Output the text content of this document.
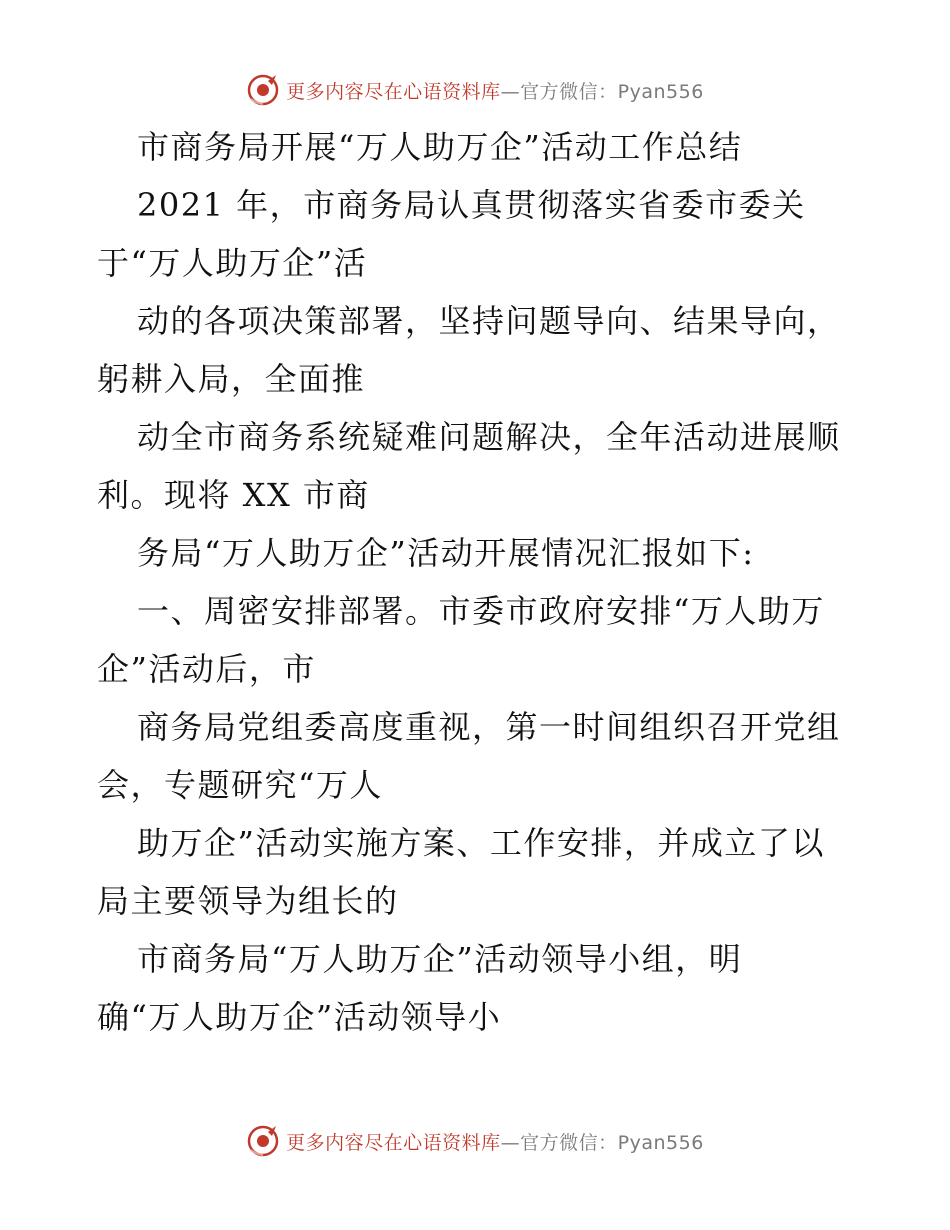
更多内容尽在心语资料库—官方微信：Pyan556
市商务局开展“万人助万企”活动工作总结
2021 年，市商务局认真贯彻落实省委市委关
于“万人助万企”活
动的各项决策部署，坚持问题导向、结果导向，
躬耕入局，全面推
动全市商务系统疑难问题解决，全年活动进展顺
利。现将 XX 市商
务局“万人助万企”活动开展情况汇报如下:
一、周密安排部署。市委市政府安排“万人助万
企”活动后，市
商务局党组委高度重视，第一时间组织召开党组
会，专题研究“万人
助万企”活动实施方案、工作安排，并成立了以
局主要领导为组长的
市商务局“万人助万企”活动领导小组，明
确“万人助万企”活动领导小
更多内容尽在心语资料库—官方微信：Pyan556
